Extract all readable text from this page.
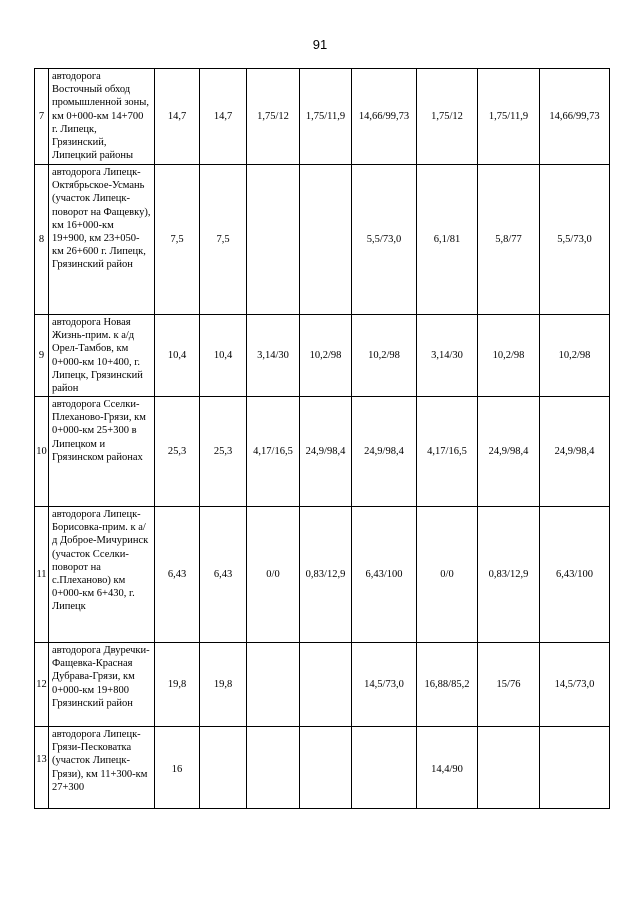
91
7	автодорога Восточный обход промышленной зоны, км 0+000-км 14+700 г. Липецк, Грязинский, Липецкий районы	14,7	14,7	1,75/12	1,75/11,9	14,66/99,73	1,75/12	1,75/11,9	14,66/99,73
8	автодорога Липецк-Октябрьское-Усмань (участок Липецк-поворот на Фащевку), км 16+000-км 19+900, км 23+050-км 26+600 г. Липецк, Грязинский район	7,5	7,5			5,5/73,0	6,1/81	5,8/77	5,5/73,0
9	автодорога Новая Жизнь-прим. к а/д Орел-Тамбов, км 0+000-км 10+400, г. Липецк, Грязинский район	10,4	10,4	3,14/30	10,2/98	10,2/98	3,14/30	10,2/98	10,2/98
10	автодорога Сселки-Плеханово-Грязи, км 0+000-км 25+300 в Липецком и Грязинском районах	25,3	25,3	4,17/16,5	24,9/98,4	24,9/98,4	4,17/16,5	24,9/98,4	24,9/98,4
11	автодорога Липецк-Борисовка-прим. к а/д Доброе-Мичуринск (участок Сселки-поворот на с.Плеханово) км 0+000-км 6+430, г. Липецк	6,43	6,43	0/0	0,83/12,9	6,43/100	0/0	0,83/12,9	6,43/100
12	автодорога Двуречки-Фащевка-Красная Дубрава-Грязи, км 0+000-км 19+800 Грязинский район	19,8	19,8			14,5/73,0	16,88/85,2	15/76	14,5/73,0
13	автодорога Липецк-Грязи-Песковатка (участок Липецк-Грязи), км 11+300-км 27+300	16					14,4/90		
